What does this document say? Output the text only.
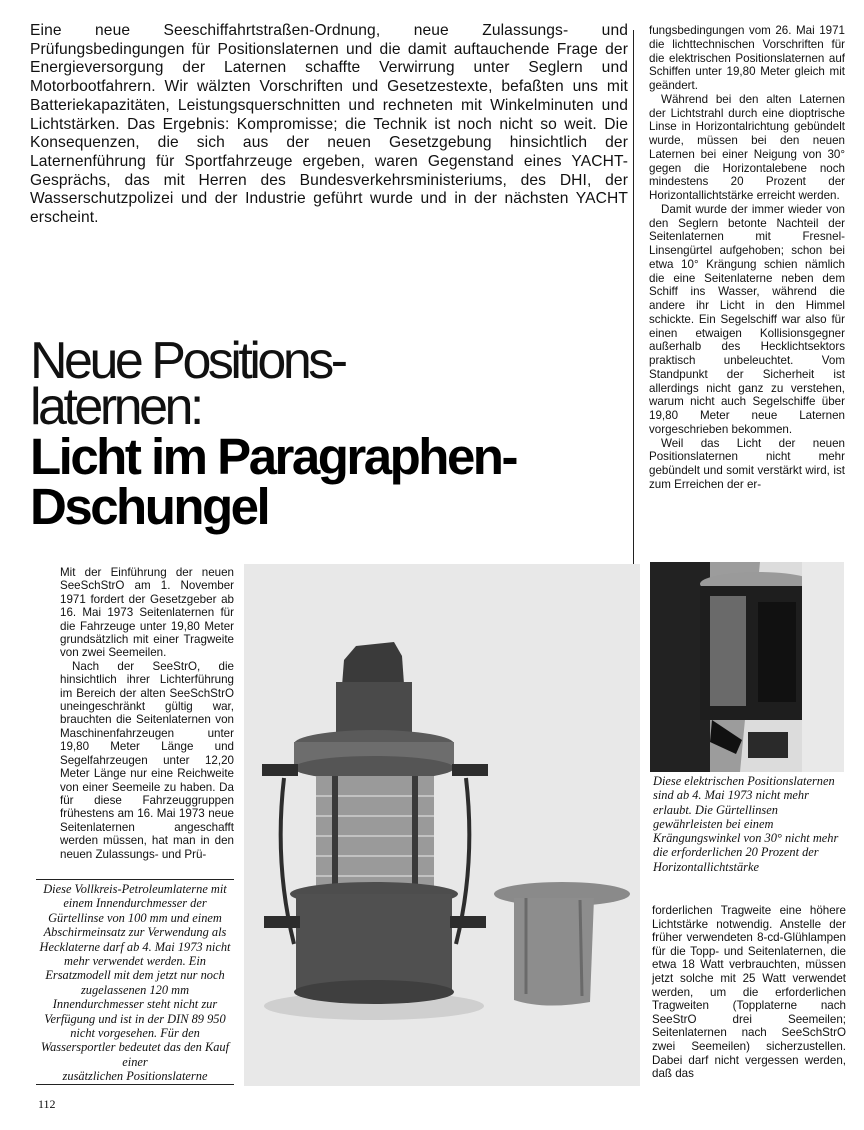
Eine neue Seeschiffahrtstraßen-Ordnung, neue Zulassungs- und Prüfungsbedingungen für Positionslaternen und die damit auftauchende Frage der Energieversorgung der Laternen schaffte Verwirrung unter Seglern und Motorbootfahrern. Wir wälzten Vorschriften und Gesetzestexte, befaßten uns mit Batteriekapazitäten, Leistungsquerschnitten und rechneten mit Winkelminuten und Lichtstärken. Das Ergebnis: Kompromisse; die Technik ist noch nicht so weit. Die Konsequenzen, die sich aus der neuen Gesetzgebung hinsichtlich der Laternenführung für Sportfahrzeuge ergeben, waren Gegenstand eines YACHT-Gesprächs, das mit Herren des Bundesverkehrsministeriums, des DHI, der Wasserschutzpolizei und der Industrie geführt wurde und in der nächsten YACHT erscheint.

fungsbedingungen vom 26. Mai 1971 die lichttechnischen Vorschriften für die elektrischen Positionslaternen auf Schiffen unter 19,80 Meter gleich mit geändert.

Während bei den alten Laternen der Lichtstrahl durch eine dioptrische Linse in Horizontalrichtung gebündelt wurde, müssen bei den neuen Laternen bei einer Neigung von 30° gegen die Horizontalebene noch mindestens 20 Prozent der Horizontallichtstärke erreicht werden.

Damit wurde der immer wieder von den Seglern betonte Nachteil der Seitenlaternen mit Fresnel-Linsengürtel aufgehoben; schon bei etwa 10° Krängung schien nämlich die eine Seitenlaterne neben dem Schiff ins Wasser, während die andere ihr Licht in den Himmel schickte. Ein Segelschiff war also für einen etwaigen Kollisionsgegner außerhalb des Hecklichtsektors praktisch unbeleuchtet. Vom Standpunkt der Sicherheit ist allerdings nicht ganz zu verstehen, warum nicht auch Segelschiffe über 19,80 Meter neue Laternen vorgeschrieben bekommen.

Weil das Licht der neuen Positionslaternen nicht mehr gebündelt und somit verstärkt wird, ist zum Erreichen der er-

Neue Positions-
laternen:
Licht im Paragraphen-
Dschungel

Mit der Einführung der neuen SeeSchStrO am 1. November 1971 fordert der Gesetzgeber ab 16. Mai 1973 Seitenlaternen für die Fahrzeuge unter 19,80 Meter grundsätzlich mit einer Tragweite von zwei Seemeilen.

Nach der SeeStrO, die hinsichtlich ihrer Lichterführung im Bereich der alten SeeSchStrO uneingeschränkt gültig war, brauchten die Seitenlaternen von Maschinenfahrzeugen unter 19,80 Meter Länge und Segelfahrzeugen unter 12,20 Meter Länge nur eine Reichweite von einer Seemeile zu haben. Da für diese Fahrzeuggruppen frühestens am 16. Mai 1973 neue Seitenlaternen angeschafft werden müssen, hat man in den neuen Zulassungs- und Prü-

Diese elektrischen Positionslaternen sind ab 4. Mai 1973 nicht mehr erlaubt. Die Gürtellinsen gewährleisten bei einem Krängungswinkel von 30° nicht mehr die erforderlichen 20 Prozent der Horizontallichtstärke
Diese Vollkreis-Petroleumlaterne mit einem Innendurchmesser der Gürtellinse von 100 mm und einem Abschirmeinsatz zur Verwendung als Hecklaterne darf ab 4. Mai 1973 nicht mehr verwendet werden. Ein Ersatzmodell mit dem jetzt nur noch zugelassenen 120 mm Innendurchmesser steht nicht zur Verfügung und ist in der DIN 89 950 nicht vorgesehen. Für den Wassersportler bedeutet das den Kauf einer
zusätzlichen Positionslaterne

forderlichen Tragweite eine höhere Lichtstärke notwendig. Anstelle der früher verwendeten 8-cd-Glühlampen für die Topp- und Seitenlaternen, die etwa 18 Watt verbrauchten, müssen jetzt solche mit 25 Watt verwendet werden, um die erforderlichen Tragweiten (Topplaterne nach SeeStrO drei Seemeilen; Seitenlaternen nach SeeSchStrO zwei Seemeilen) sicherzustellen. Dabei darf nicht vergessen werden, daß das

112
